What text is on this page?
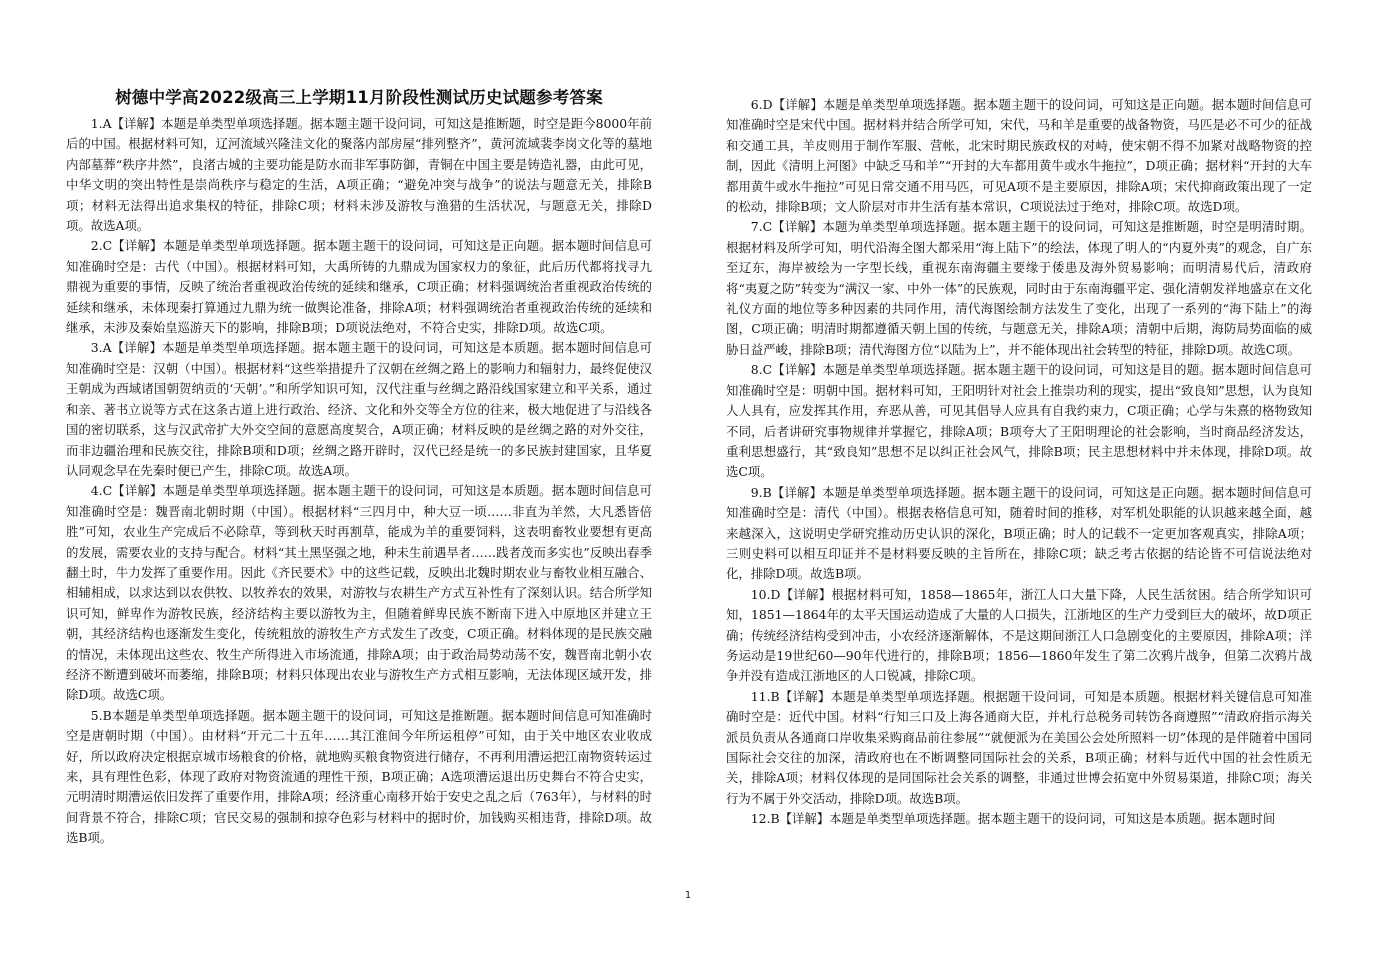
树德中学高2022级高三上学期11月阶段性测试历史试题参考答案

1.A【详解】本题是单类型单项选择题。据本题主题干设问词，可知这是推断题，时空是距今8000年前后的中国。根据材料可知，辽河流域兴隆洼文化的聚落内部房屋“排列整齐”，黄河流域裴李岗文化等的墓地内部墓葬“秩序井然”，良渚古城的主要功能是防水而非军事防御，青铜在中国主要是铸造礼器，由此可见，中华文明的突出特性是崇尚秩序与稳定的生活，A项正确；“避免冲突与战争”的说法与题意无关，排除B项；材料无法得出追求集权的特征，排除C项；材料未涉及游牧与渔猎的生活状况，与题意无关，排除D项。故选A项。

2.C【详解】本题是单类型单项选择题。据本题主题干的设问词，可知这是正向题。据本题时间信息可知准确时空是：古代（中国）。根据材料可知，大禹所铸的九鼎成为国家权力的象征，此后历代都将找寻九鼎视为重要的事情，反映了统治者重视政治传统的延续和继承，C项正确；材料强调统治者重视政治传统的延续和继承，未体现秦打算通过九鼎为统一做舆论准备，排除A项；材料强调统治者重视政治传统的延续和继承，未涉及秦始皇巡游天下的影响，排除B项；D项说法绝对，不符合史实，排除D项。故选C项。

3.A【详解】本题是单类型单项选择题。据本题主题干的设问词，可知这是本质题。据本题时间信息可知准确时空是：汉朝（中国）。根据材料“这些举措提升了汉朝在丝绸之路上的影响力和辐射力，最终促使汉王朝成为西域诸国朝贺纳贡的‘天朝’。”和所学知识可知，汉代注重与丝绸之路沿线国家建立和平关系，通过和亲、著书立说等方式在这条古道上进行政治、经济、文化和外交等全方位的往来，极大地促进了与沿线各国的密切联系，这与汉武帝扩大外交空间的意愿高度契合，A项正确；材料反映的是丝绸之路的对外交往，而非边疆治理和民族交往，排除B项和D项；丝绸之路开辟时，汉代已经是统一的多民族封建国家，且华夏认同观念早在先秦时便已产生，排除C项。故选A项。

4.C【详解】本题是单类型单项选择题。据本题主题干的设问词，可知这是本质题。据本题时间信息可知准确时空是：魏晋南北朝时期（中国）。根据材料“三四月中，种大豆一顷……非直为羊然，大凡悉皆倍胜”可知，农业生产完成后不必除草，等到秋天时再割草，能成为羊的重要饲料，这表明畜牧业要想有更高的发展，需要农业的支持与配合。材料“其土黑坚强之地，种未生前遇旱者……践者茂而多实也”反映出春季翻土时，牛力发挥了重要作用。因此《齐民要术》中的这些记载，反映出北魏时期农业与畜牧业相互融合、相辅相成，以求达到以农供牧、以牧养农的效果，对游牧与农耕生产方式互补性有了深刻认识。结合所学知识可知，鲜卑作为游牧民族，经济结构主要以游牧为主，但随着鲜卑民族不断南下进入中原地区并建立王朝，其经济结构也逐渐发生变化，传统粗放的游牧生产方式发生了改变，C项正确。材料体现的是民族交融的情况，未体现出这些农、牧生产所得进入市场流通，排除A项；由于政治局势动荡不安，魏晋南北朝小农经济不断遭到破坏而萎缩，排除B项；材料只体现出农业与游牧生产方式相互影响，无法体现区域开发，排除D项。故选C项。

5.B本题是单类型单项选择题。据本题主题干的设问词，可知这是推断题。据本题时间信息可知准确时空是唐朝时期（中国）。由材料“开元二十五年……其江淮间今年所运租停”可知，由于关中地区农业收成好，所以政府决定根据京城市场粮食的价格，就地购买粮食物资进行储存，不再利用漕运把江南物资转运过来，具有理性色彩，体现了政府对物资流通的理性干预，B项正确；A选项漕运退出历史舞台不符合史实，元明清时期漕运依旧发挥了重要作用，排除A项；经济重心南移开始于安史之乱之后（763年），与材料的时间背景不符合，排除C项；官民交易的强制和掠夺色彩与材料中的据时价，加钱购买相违背，排除D项。故选B项。

6.D【详解】本题是单类型单项选择题。据本题主题干的设问词，可知这是正向题。据本题时间信息可知准确时空是宋代中国。据材料并结合所学可知，宋代，马和羊是重要的战备物资，马匹是必不可少的征战和交通工具，羊皮则用于制作军服、营帐，北宋时期民族政权的对峙，使宋朝不得不加紧对战略物资的控制，因此《清明上河图》中缺乏马和羊”“开封的大车都用黄牛或水牛拖拉”，D项正确；据材料“开封的大车都用黄牛或水牛拖拉”可见日常交通不用马匹，可见A项不是主要原因，排除A项；宋代抑商政策出现了一定的松动，排除B项；文人阶层对市井生活有基本常识，C项说法过于绝对，排除C项。故选D项。

7.C【详解】本题为单类型单项选择题。据本题主题干的设问词，可知这是推断题，时空是明清时期。根据材料及所学可知，明代沿海全图大都采用“海上陆下”的绘法，体现了明人的“内夏外夷”的观念，自广东至辽东，海岸被绘为一字型长线，重视东南海疆主要缘于倭患及海外贸易影响；而明清易代后，清政府将“夷夏之防”转变为“满汉一家、中外一体”的民族观，同时由于东南海疆平定、强化清朝发祥地盛京在文化礼仪方面的地位等多种因素的共同作用，清代海图绘制方法发生了变化，出现了一系列的“海下陆上”的海图，C项正确；明清时期都遵循天朝上国的传统，与题意无关，排除A项；清朝中后期，海防局势面临的威胁日益严峻，排除B项；清代海图方位“以陆为上”，并不能体现出社会转型的特征，排除D项。故选C项。

8.C【详解】本题是单类型单项选择题。据本题主题干的设问词，可知这是目的题。据本题时间信息可知准确时空是：明朝中国。据材料可知，王阳明针对社会上推崇功利的现实，提出“致良知”思想，认为良知人人具有，应发挥其作用，弃恶从善，可见其倡导人应具有自我约束力，C项正确；心学与朱熹的格物致知不同，后者讲研究事物规律并掌握它，排除A项；B项夸大了王阳明理论的社会影响，当时商品经济发达，重利思想盛行，其“致良知”思想不足以纠正社会风气，排除B项；民主思想材料中并未体现，排除D项。故选C项。

9.B【详解】本题是单类型单项选择题。据本题主题干的设问词，可知这是正向题。据本题时间信息可知准确时空是：清代（中国）。根据表格信息可知，随着时间的推移，对军机处职能的认识越来越全面，越来越深入，这说明史学研究推动历史认识的深化，B项正确；时人的记载不一定更加客观真实，排除A项；三则史料可以相互印证并不是材料要反映的主旨所在，排除C项；缺乏考古依据的结论皆不可信说法绝对化，排除D项。故选B项。

10.D【详解】根据材料可知，1858—1865年，浙江人口大量下降，人民生活贫困。结合所学知识可知，1851—1864年的太平天国运动造成了大量的人口损失，江浙地区的生产力受到巨大的破坏，故D项正确；传统经济结构受到冲击，小农经济逐渐解体，不是这期间浙江人口急剧变化的主要原因，排除A项；洋务运动是19世纪60—90年代进行的，排除B项；1856—1860年发生了第二次鸦片战争，但第二次鸦片战争并没有造成江浙地区的人口锐减，排除C项。

11.B【详解】本题是单类型单项选择题。根据题干设问词，可知是本质题。根据材料关键信息可知准确时空是：近代中国。材料“行知三口及上海各通商大臣，并札行总税务司转饬各商遵照”“清政府指示海关派员负责从各通商口岸收集采购商品前往参展”“就便派为在美国公会处所照料一切”体现的是伴随着中国同国际社会交往的加深，清政府也在不断调整同国际社会的关系，B项正确；材料与近代中国的社会性质无关，排除A项；材料仅体现的是同国际社会关系的调整，非通过世博会拓宽中外贸易渠道，排除C项；海关行为不属于外交活动，排除D项。故选B项。

12.B【详解】本题是单类型单项选择题。据本题主题干的设问词，可知这是本质题。据本题时间

1
